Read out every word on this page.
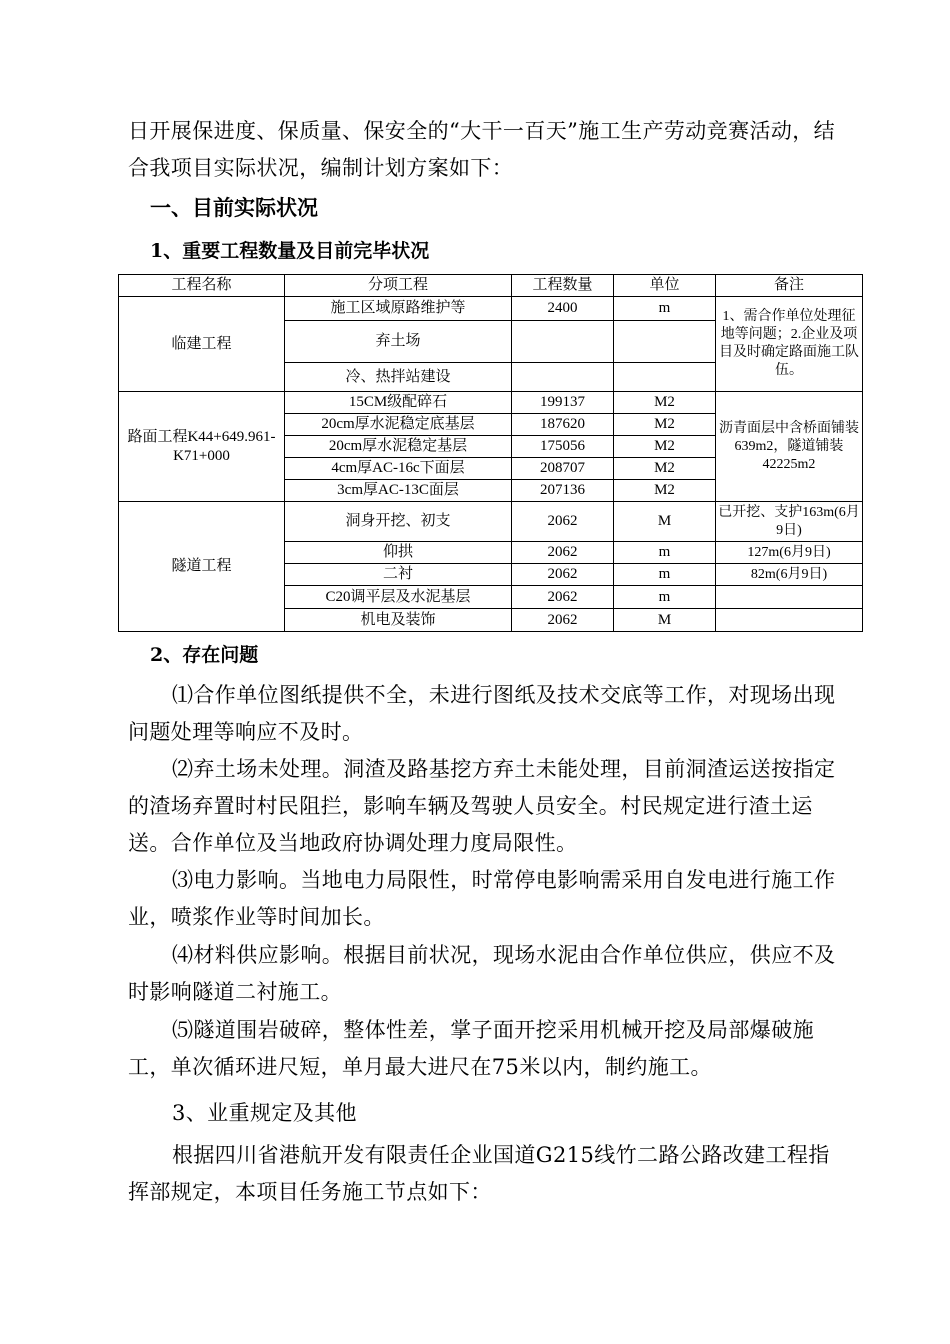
日开展保进度、保质量、保安全的“大干一百天”施工生产劳动竞赛活动，结合我项目实际状况，编制计划方案如下：
一、目前实际状况
1、重要工程数量及目前完毕状况
工程名称	分项工程	工程数量	单位	备注
临建工程	施工区域原路维护等	2400	m	1、需合作单位处理征地等问题；2.企业及项目及时确定路面施工队伍。
	弃土场			
	冷、热拌站建设			
路面工程K44+649.961-K71+000	15CM级配碎石	199137	M2	沥青面层中含桥面铺装639m2，隧道铺装42225m2
	20cm厚水泥稳定底基层	187620	M2	
	20cm厚水泥稳定基层	175056	M2	
	4cm厚AC-16c下面层	208707	M2	
	3cm厚AC-13C面层	207136	M2	
隧道工程	洞身开挖、初支	2062	M	已开挖、支护163m(6月9日)
	仰拱	2062	m	127m(6月9日)
	二衬	2062	m	82m(6月9日)
	C20调平层及水泥基层	2062	m	
	机电及装饰	2062	M	
2、存在问题
⑴合作单位图纸提供不全，未进行图纸及技术交底等工作，对现场出现问题处理等响应不及时。
⑵弃土场未处理。洞渣及路基挖方弃土未能处理，目前洞渣运送按指定的渣场弃置时村民阻拦，影响车辆及驾驶人员安全。村民规定进行渣土运送。合作单位及当地政府协调处理力度局限性。
⑶电力影响。当地电力局限性，时常停电影响需采用自发电进行施工作业，喷浆作业等时间加长。
⑷材料供应影响。根据目前状况，现场水泥由合作单位供应，供应不及时影响隧道二衬施工。
⑸隧道围岩破碎，整体性差，掌子面开挖采用机械开挖及局部爆破施工，单次循环进尺短，单月最大进尺在75米以内，制约施工。
3、业重规定及其他
根据四川省港航开发有限责任企业国道G215线竹二路公路改建工程指挥部规定，本项目任务施工节点如下：
